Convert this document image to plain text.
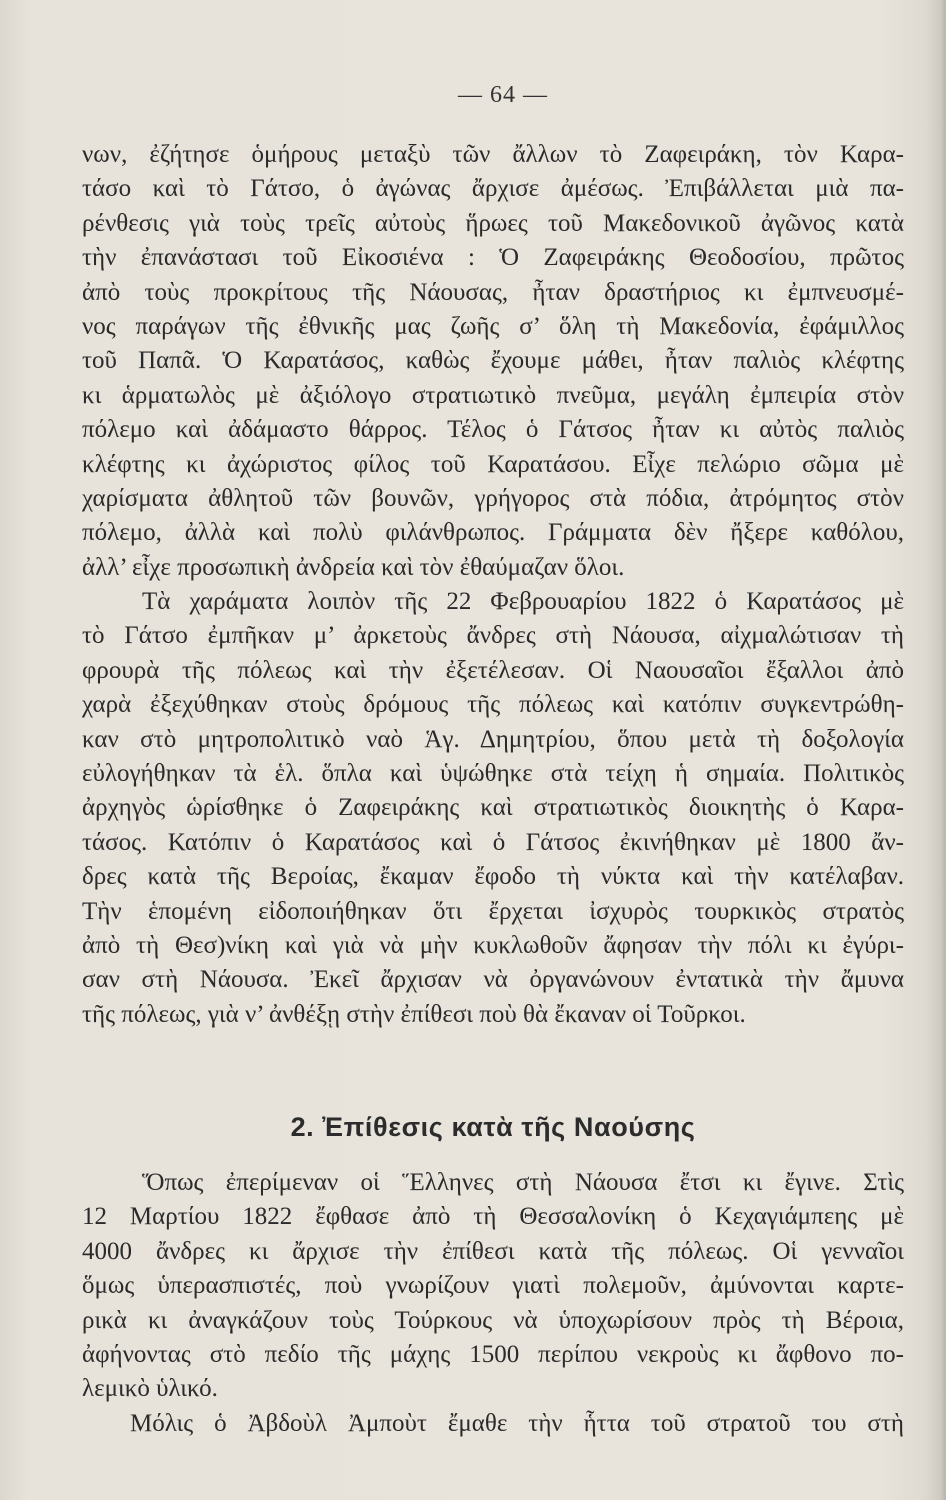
— 64 —
νων, ἐζήτησε ὁμήρους μεταξὺ τῶν ἄλλων τὸ Ζαφειράκη, τὸν Καρα-
τάσο καὶ τὸ Γάτσο, ὁ ἀγώνας ἄρχισε ἀμέσως. Ἐπιβάλλεται μιὰ πα-
ρένθεσις γιὰ τοὺς τρεῖς αὐτοὺς ἥρωες τοῦ Μακεδονικοῦ ἀγῶνος κατὰ
τὴν ἐπανάστασι τοῦ Εἰκοσιένα : Ὁ Ζαφειράκης Θεοδοσίου, πρῶτος
ἀπὸ τοὺς προκρίτους τῆς Νάουσας, ἦταν δραστήριος κι ἐμπνευσμέ-
νος παράγων τῆς ἐθνικῆς μας ζωῆς σ’ ὅλη τὴ Μακεδονία, ἐφάμιλλος
τοῦ Παπᾶ. Ὁ Καρατάσος, καθὼς ἔχουμε μάθει, ἦταν παλιὸς κλέφτης
κι ἁρματωλὸς μὲ ἀξιόλογο στρατιωτικὸ πνεῦμα, μεγάλη ἐμπειρία στὸν
πόλεμο καὶ ἀδάμαστο θάρρος. Τέλος ὁ Γάτσος ἦταν κι αὐτὸς παλιὸς
κλέφτης κι ἀχώριστος φίλος τοῦ Καρατάσου. Εἶχε πελώριο σῶμα μὲ
χαρίσματα ἀθλητοῦ τῶν βουνῶν, γρήγορος στὰ πόδια, ἀτρόμητος στὸν
πόλεμο, ἀλλὰ καὶ πολὺ φιλάνθρωπος. Γράμματα δὲν ἤξερε καθόλου,
ἀλλ’ εἶχε προσωπικὴ ἀνδρεία καὶ τὸν ἐθαύμαζαν ὅλοι.
Τὰ χαράματα λοιπὸν τῆς 22 Φεβρουαρίου 1822 ὁ Καρατάσος μὲ
τὸ Γάτσο ἐμπῆκαν μ’ ἀρκετοὺς ἄνδρες στὴ Νάουσα, αἰχμαλώτισαν τὴ
φρουρὰ τῆς πόλεως καὶ τὴν ἐξετέλεσαν. Οἱ Ναουσαῖοι ἔξαλλοι ἀπὸ
χαρὰ ἐξεχύθηκαν στοὺς δρόμους τῆς πόλεως καὶ κατόπιν συγκεντρώθη-
καν στὸ μητροπολιτικὸ ναὸ Ἁγ. Δημητρίου, ὅπου μετὰ τὴ δοξολογία
εὐλογήθηκαν τὰ ἑλ. ὅπλα καὶ ὑψώθηκε στὰ τείχη ἡ σημαία. Πολιτικὸς
ἀρχηγὸς ὡρίσθηκε ὁ Ζαφειράκης καὶ στρατιωτικὸς διοικητὴς ὁ Καρα-
τάσος. Κατόπιν ὁ Καρατάσος καὶ ὁ Γάτσος ἐκινήθηκαν μὲ 1800 ἄν-
δρες κατὰ τῆς Βεροίας, ἔκαμαν ἔφοδο τὴ νύκτα καὶ τὴν κατέλαβαν.
Τὴν ἑπομένη εἰδοποιήθηκαν ὅτι ἔρχεται ἰσχυρὸς τουρκικὸς στρατὸς
ἀπὸ τὴ Θεσ)νίκη καὶ γιὰ νὰ μὴν κυκλωθοῦν ἄφησαν τὴν πόλι κι ἐγύρι-
σαν στὴ Νάουσα. Ἐκεῖ ἄρχισαν νὰ ὀργανώνουν ἐντατικὰ τὴν ἄμυνα
τῆς πόλεως, γιὰ ν’ ἀνθέξῃ στὴν ἐπίθεσι ποὺ θὰ ἔκαναν οἱ Τοῦρκοι.
2. Ἐπίθεσις κατὰ τῆς Ναούσης
Ὅπως ἐπερίμεναν οἱ Ἕλληνες στὴ Νάουσα ἔτσι κι ἔγινε. Στὶς
12 Μαρτίου 1822 ἔφθασε ἀπὸ τὴ Θεσσαλονίκη ὁ Κεχαγιάμπεης μὲ
4000 ἄνδρες κι ἄρχισε τὴν ἐπίθεσι κατὰ τῆς πόλεως. Οἱ γενναῖοι
ὅμως ὑπερασπιστές, ποὺ γνωρίζουν γιατὶ πολεμοῦν, ἀμύνονται καρτε-
ρικὰ κι ἀναγκάζουν τοὺς Τούρκους νὰ ὑποχωρίσουν πρὸς τὴ Βέροια,
ἀφήνοντας στὸ πεδίο τῆς μάχης 1500 περίπου νεκροὺς κι ἄφθονο πο-
λεμικὸ ὑλικό.
Μόλις ὁ Ἀβδοὺλ Ἀμποὺτ ἔμαθε τὴν ἧττα τοῦ στρατοῦ του στὴ
